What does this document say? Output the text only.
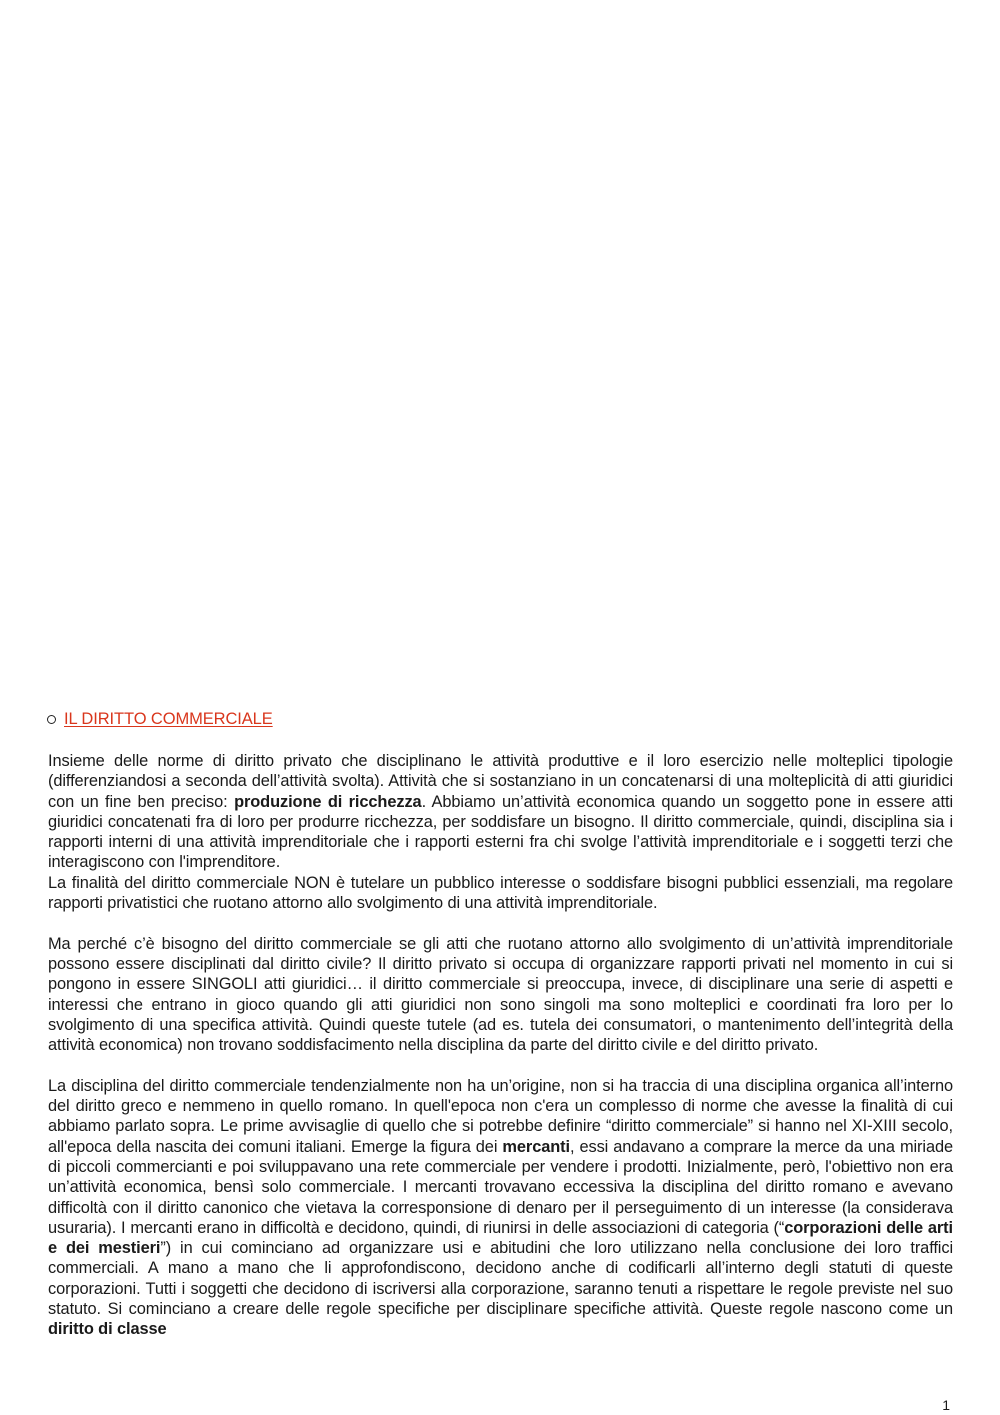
IL DIRITTO COMMERCIALE

Insieme delle norme di diritto privato che disciplinano le attività produttive e il loro esercizio nelle molteplici tipologie (differenziandosi a seconda dell’attività svolta). Attività che si sostanziano in un concatenarsi di una molteplicità di atti giuridici con un fine ben preciso: produzione di ricchezza. Abbiamo un’attività economica quando un soggetto pone in essere atti giuridici concatenati fra di loro per produrre ricchezza, per soddisfare un bisogno. Il diritto commerciale, quindi, disciplina sia i rapporti interni di una attività imprenditoriale che i rapporti esterni fra chi svolge l’attività imprenditoriale e i soggetti terzi che interagiscono con l'imprenditore.

La finalità del diritto commerciale NON è tutelare un pubblico interesse o soddisfare bisogni pubblici essenziali, ma regolare rapporti privatistici che ruotano attorno allo svolgimento di una attività imprenditoriale.

Ma perché c’è bisogno del diritto commerciale se gli atti che ruotano attorno allo svolgimento di un’attività imprenditoriale possono essere disciplinati dal diritto civile? Il diritto privato si occupa di organizzare rapporti privati nel momento in cui si pongono in essere SINGOLI atti giuridici… il diritto commerciale si preoccupa, invece, di disciplinare una serie di aspetti e interessi che entrano in gioco quando gli atti giuridici non sono singoli ma sono molteplici e coordinati fra loro per lo svolgimento di una specifica attività. Quindi queste tutele (ad es. tutela dei consumatori, o mantenimento dell’integrità della attività economica) non trovano soddisfacimento nella disciplina da parte del diritto civile e del diritto privato.

La disciplina del diritto commerciale tendenzialmente non ha un’origine, non si ha traccia di una disciplina organica all’interno del diritto greco e nemmeno in quello romano. In quell'epoca non c'era un complesso di norme che avesse la finalità di cui abbiamo parlato sopra. Le prime avvisaglie di quello che si potrebbe definire “diritto commerciale” si hanno nel XI-XIII secolo, all'epoca della nascita dei comuni italiani. Emerge la figura dei mercanti, essi andavano a comprare la merce da una miriade di piccoli commercianti e poi sviluppavano una rete commerciale per vendere i prodotti. Inizialmente, però, l'obiettivo non era un’attività economica, bensì solo commerciale. I mercanti trovavano eccessiva la disciplina del diritto romano e avevano difficoltà con il diritto canonico che vietava la corresponsione di denaro per il perseguimento di un interesse (la considerava usuraria). I mercanti erano in difficoltà e decidono, quindi, di riunirsi in delle associazioni di categoria (“corporazioni delle arti e dei mestieri”) in cui cominciano ad organizzare usi e abitudini che loro utilizzano nella conclusione dei loro traffici commerciali. A mano a mano che li approfondiscono, decidono anche di codificarli all’interno degli statuti di queste corporazioni. Tutti i soggetti che decidono di iscriversi alla corporazione, saranno tenuti a rispettare le regole previste nel suo statuto. Si cominciano a creare delle regole specifiche per disciplinare specifiche attività. Queste regole nascono come un diritto di classe

1
